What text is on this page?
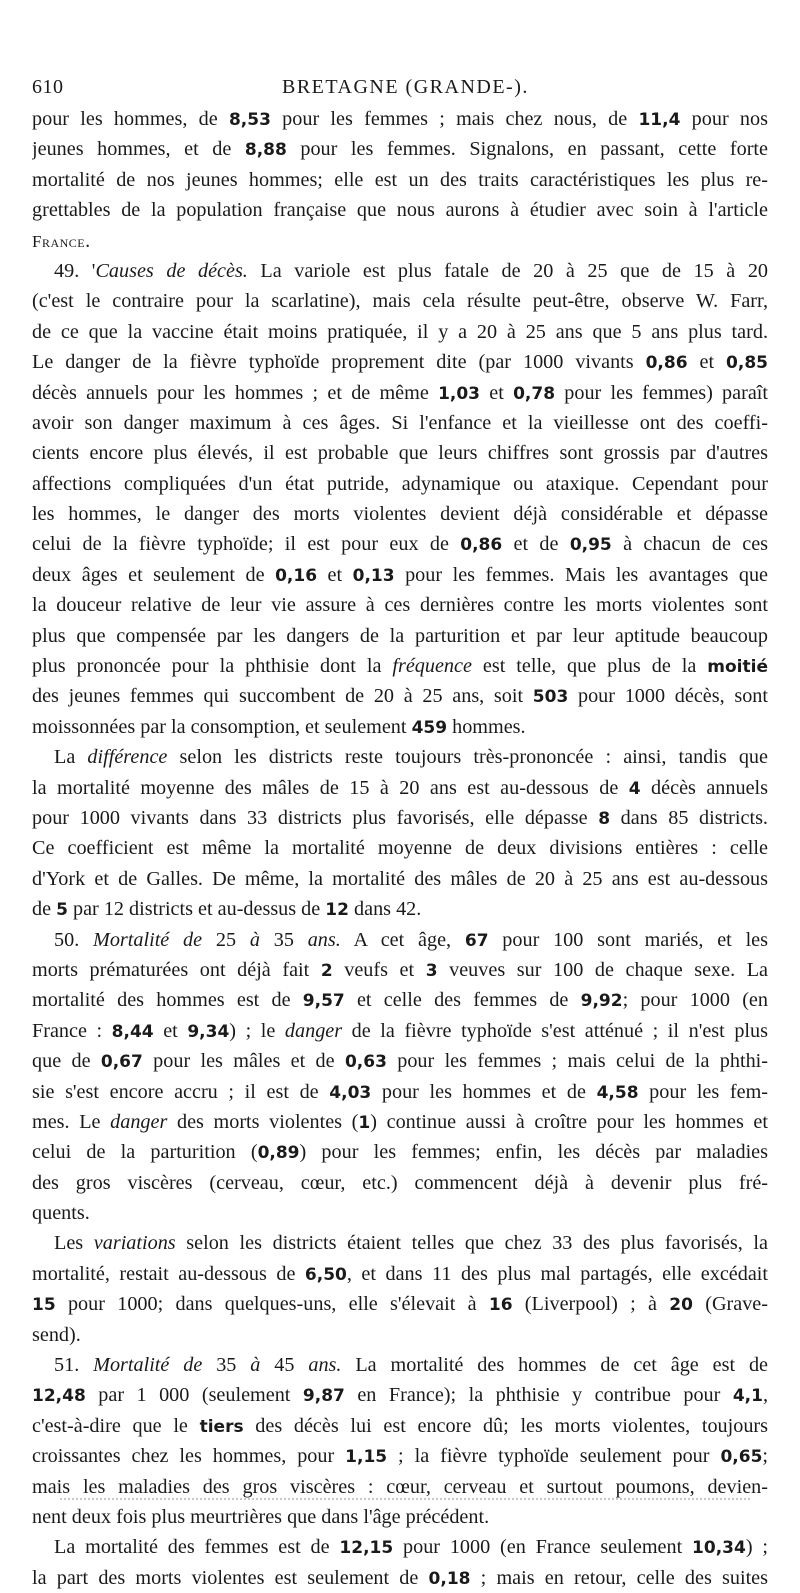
610	BRETAGNE (GRANDE-).
pour les hommes, de 8,53 pour les femmes ; mais chez nous, de 11,4 pour nos
jeunes hommes, et de 8,88 pour les femmes. Signalons, en passant, cette forte
mortalité de nos jeunes hommes; elle est un des traits caractéristiques les plus re-
grettables de la population française que nous aurons à étudier avec soin à l'article
France.
49. 'Causes de décès. La variole est plus fatale de 20 à 25 que de 15 à 20
(c'est le contraire pour la scarlatine), mais cela résulte peut-être, observe W. Farr,
de ce que la vaccine était moins pratiquée, il y a 20 à 25 ans que 5 ans plus tard.
Le danger de la fièvre typhoïde proprement dite (par 1000 vivants 0,86 et 0,85
décès annuels pour les hommes ; et de même 1,03 et 0,78 pour les femmes) paraît
avoir son danger maximum à ces âges. Si l'enfance et la vieillesse ont des coeffi-
cients encore plus élevés, il est probable que leurs chiffres sont grossis par d'autres
affections compliquées d'un état putride, adynamique ou ataxique. Cependant pour
les hommes, le danger des morts violentes devient déjà considérable et dépasse
celui de la fièvre typhoïde; il est pour eux de 0,86 et de 0,95 à chacun de ces
deux âges et seulement de 0,16 et 0,13 pour les femmes. Mais les avantages que
la douceur relative de leur vie assure à ces dernières contre les morts violentes sont
plus que compensée par les dangers de la parturition et par leur aptitude beaucoup
plus prononcée pour la phthisie dont la fréquence est telle, que plus de la moitié
des jeunes femmes qui succombent de 20 à 25 ans, soit 503 pour 1000 décès, sont
moissonnées par la consomption, et seulement 459 hommes.
La différence selon les districts reste toujours très-prononcée : ainsi, tandis que
la mortalité moyenne des mâles de 15 à 20 ans est au-dessous de 4 décès annuels
pour 1000 vivants dans 33 districts plus favorisés, elle dépasse 8 dans 85 districts.
Ce coefficient est même la mortalité moyenne de deux divisions entières : celle
d'York et de Galles. De même, la mortalité des mâles de 20 à 25 ans est au-dessous
de 5 par 12 districts et au-dessus de 12 dans 42.
50. Mortalité de 25 à 35 ans. A cet âge, 67 pour 100 sont mariés, et les
morts prématurées ont déjà fait 2 veufs et 3 veuves sur 100 de chaque sexe. La
mortalité des hommes est de 9,57 et celle des femmes de 9,92; pour 1000 (en
France : 8,44 et 9,34) ; le danger de la fièvre typhoïde s'est atténué ; il n'est plus
que de 0,67 pour les mâles et de 0,63 pour les femmes ; mais celui de la phthi-
sie s'est encore accru ; il est de 4,03 pour les hommes et de 4,58 pour les fem-
mes. Le danger des morts violentes (1) continue aussi à croître pour les hommes et
celui de la parturition (0,89) pour les femmes; enfin, les décès par maladies
des gros viscères (cerveau, cœur, etc.) commencent déjà à devenir plus fré-
quents.
Les variations selon les districts étaient telles que chez 33 des plus favorisés, la
mortalité, restait au-dessous de 6,50, et dans 11 des plus mal partagés, elle excédait
15 pour 1000; dans quelques-uns, elle s'élevait à 16 (Liverpool) ; à 20 (Grave-
send).
51. Mortalité de 35 à 45 ans. La mortalité des hommes de cet âge est de
12,48 par 1 000 (seulement 9,87 en France); la phthisie y contribue pour 4,1,
c'est-à-dire que le tiers des décès lui est encore dû; les morts violentes, toujours
croissantes chez les hommes, pour 1,15 ; la fièvre typhoïde seulement pour 0,65;
mais les maladies des gros viscères : cœur, cerveau et surtout poumons, devien-
nent deux fois plus meurtrières que dans l'âge précédent.
La mortalité des femmes est de 12,15 pour 1000 (en France seulement 10,34) ;
la part des morts violentes est seulement de 0,18 ; mais en retour, celle des suites
